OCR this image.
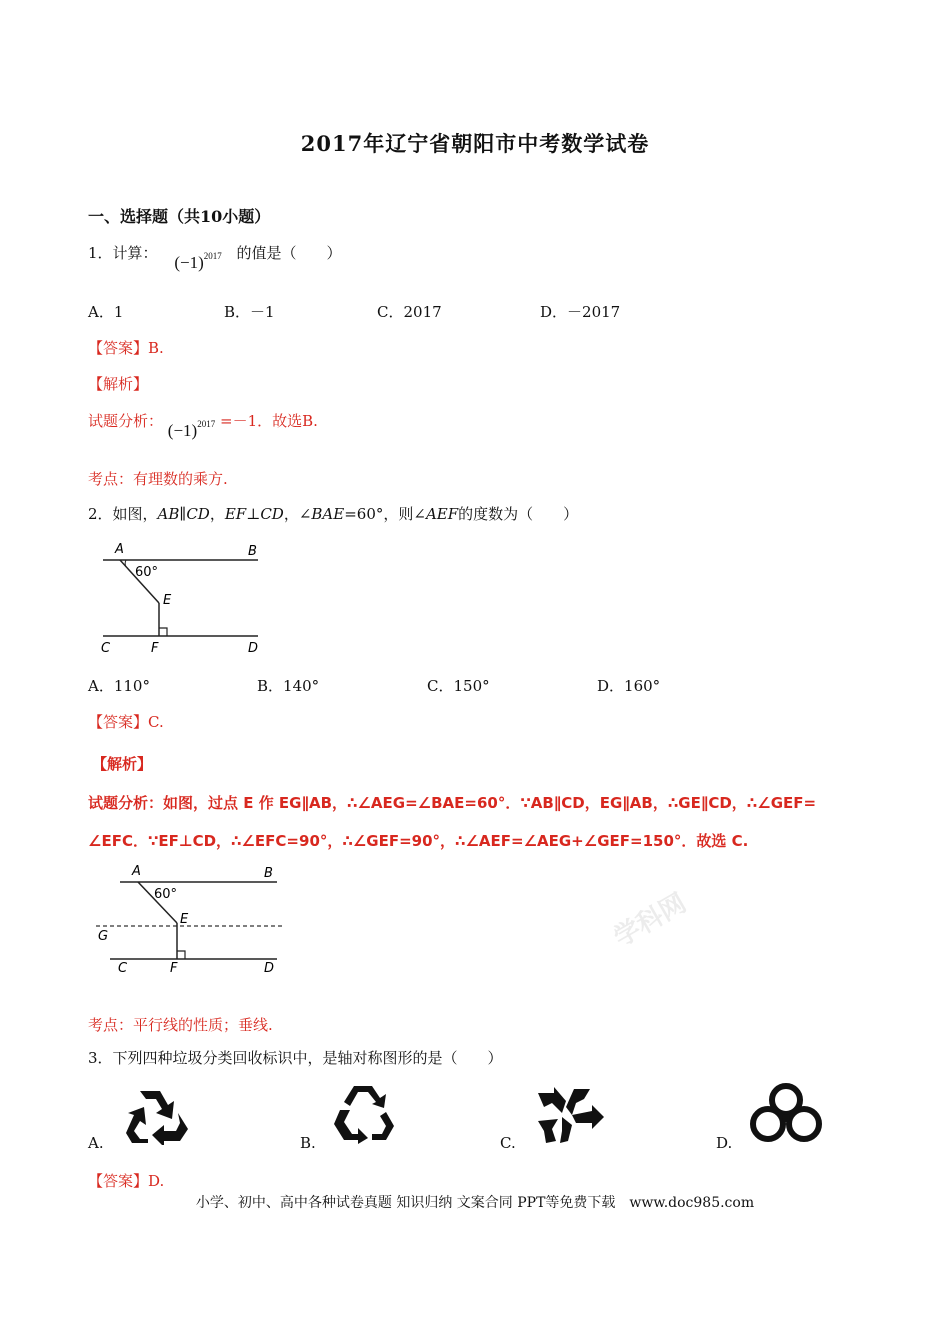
2017年辽宁省朝阳市中考数学试卷
一、选择题（共10小题）
1．计算： $(-1)^{2017}$ 的值是（　　）
A．1	B．－1	C．2017	D．－2017
【答案】B.
【解析】
试题分析： $(-1)^{2017} =-1$．故选B.
考点：有理数的乘方.
2．如图，AB∥CD，EF⊥CD，∠BAE=60°，则∠AEF的度数为（　　）
A	B
60°
E
C	F	D
A．110°	B．140°	C．150°	D．160°
【答案】C.
【解析】
试题分析：如图，过点 E 作 EG∥AB，∴∠AEG=∠BAE=60°．∵AB∥CD，EG∥AB，∴GE∥CD，∴∠GEF=
∠EFC．∵EF⊥CD，∴∠EFC=90°，∴∠GEF=90°，∴∠AEF=∠AEG+∠GEF=150°．故选 C.
学科网
A	B
60°
E
G
C	F	D
考点：平行线的性质；垂线.
3．下列四种垃圾分类回收标识中，是轴对称图形的是（　　）
A.	B.	C.	D.
【答案】D.
小学、初中、高中各种试卷真题 知识归纳 文案合同 PPT等免费下载　www.doc985.com
